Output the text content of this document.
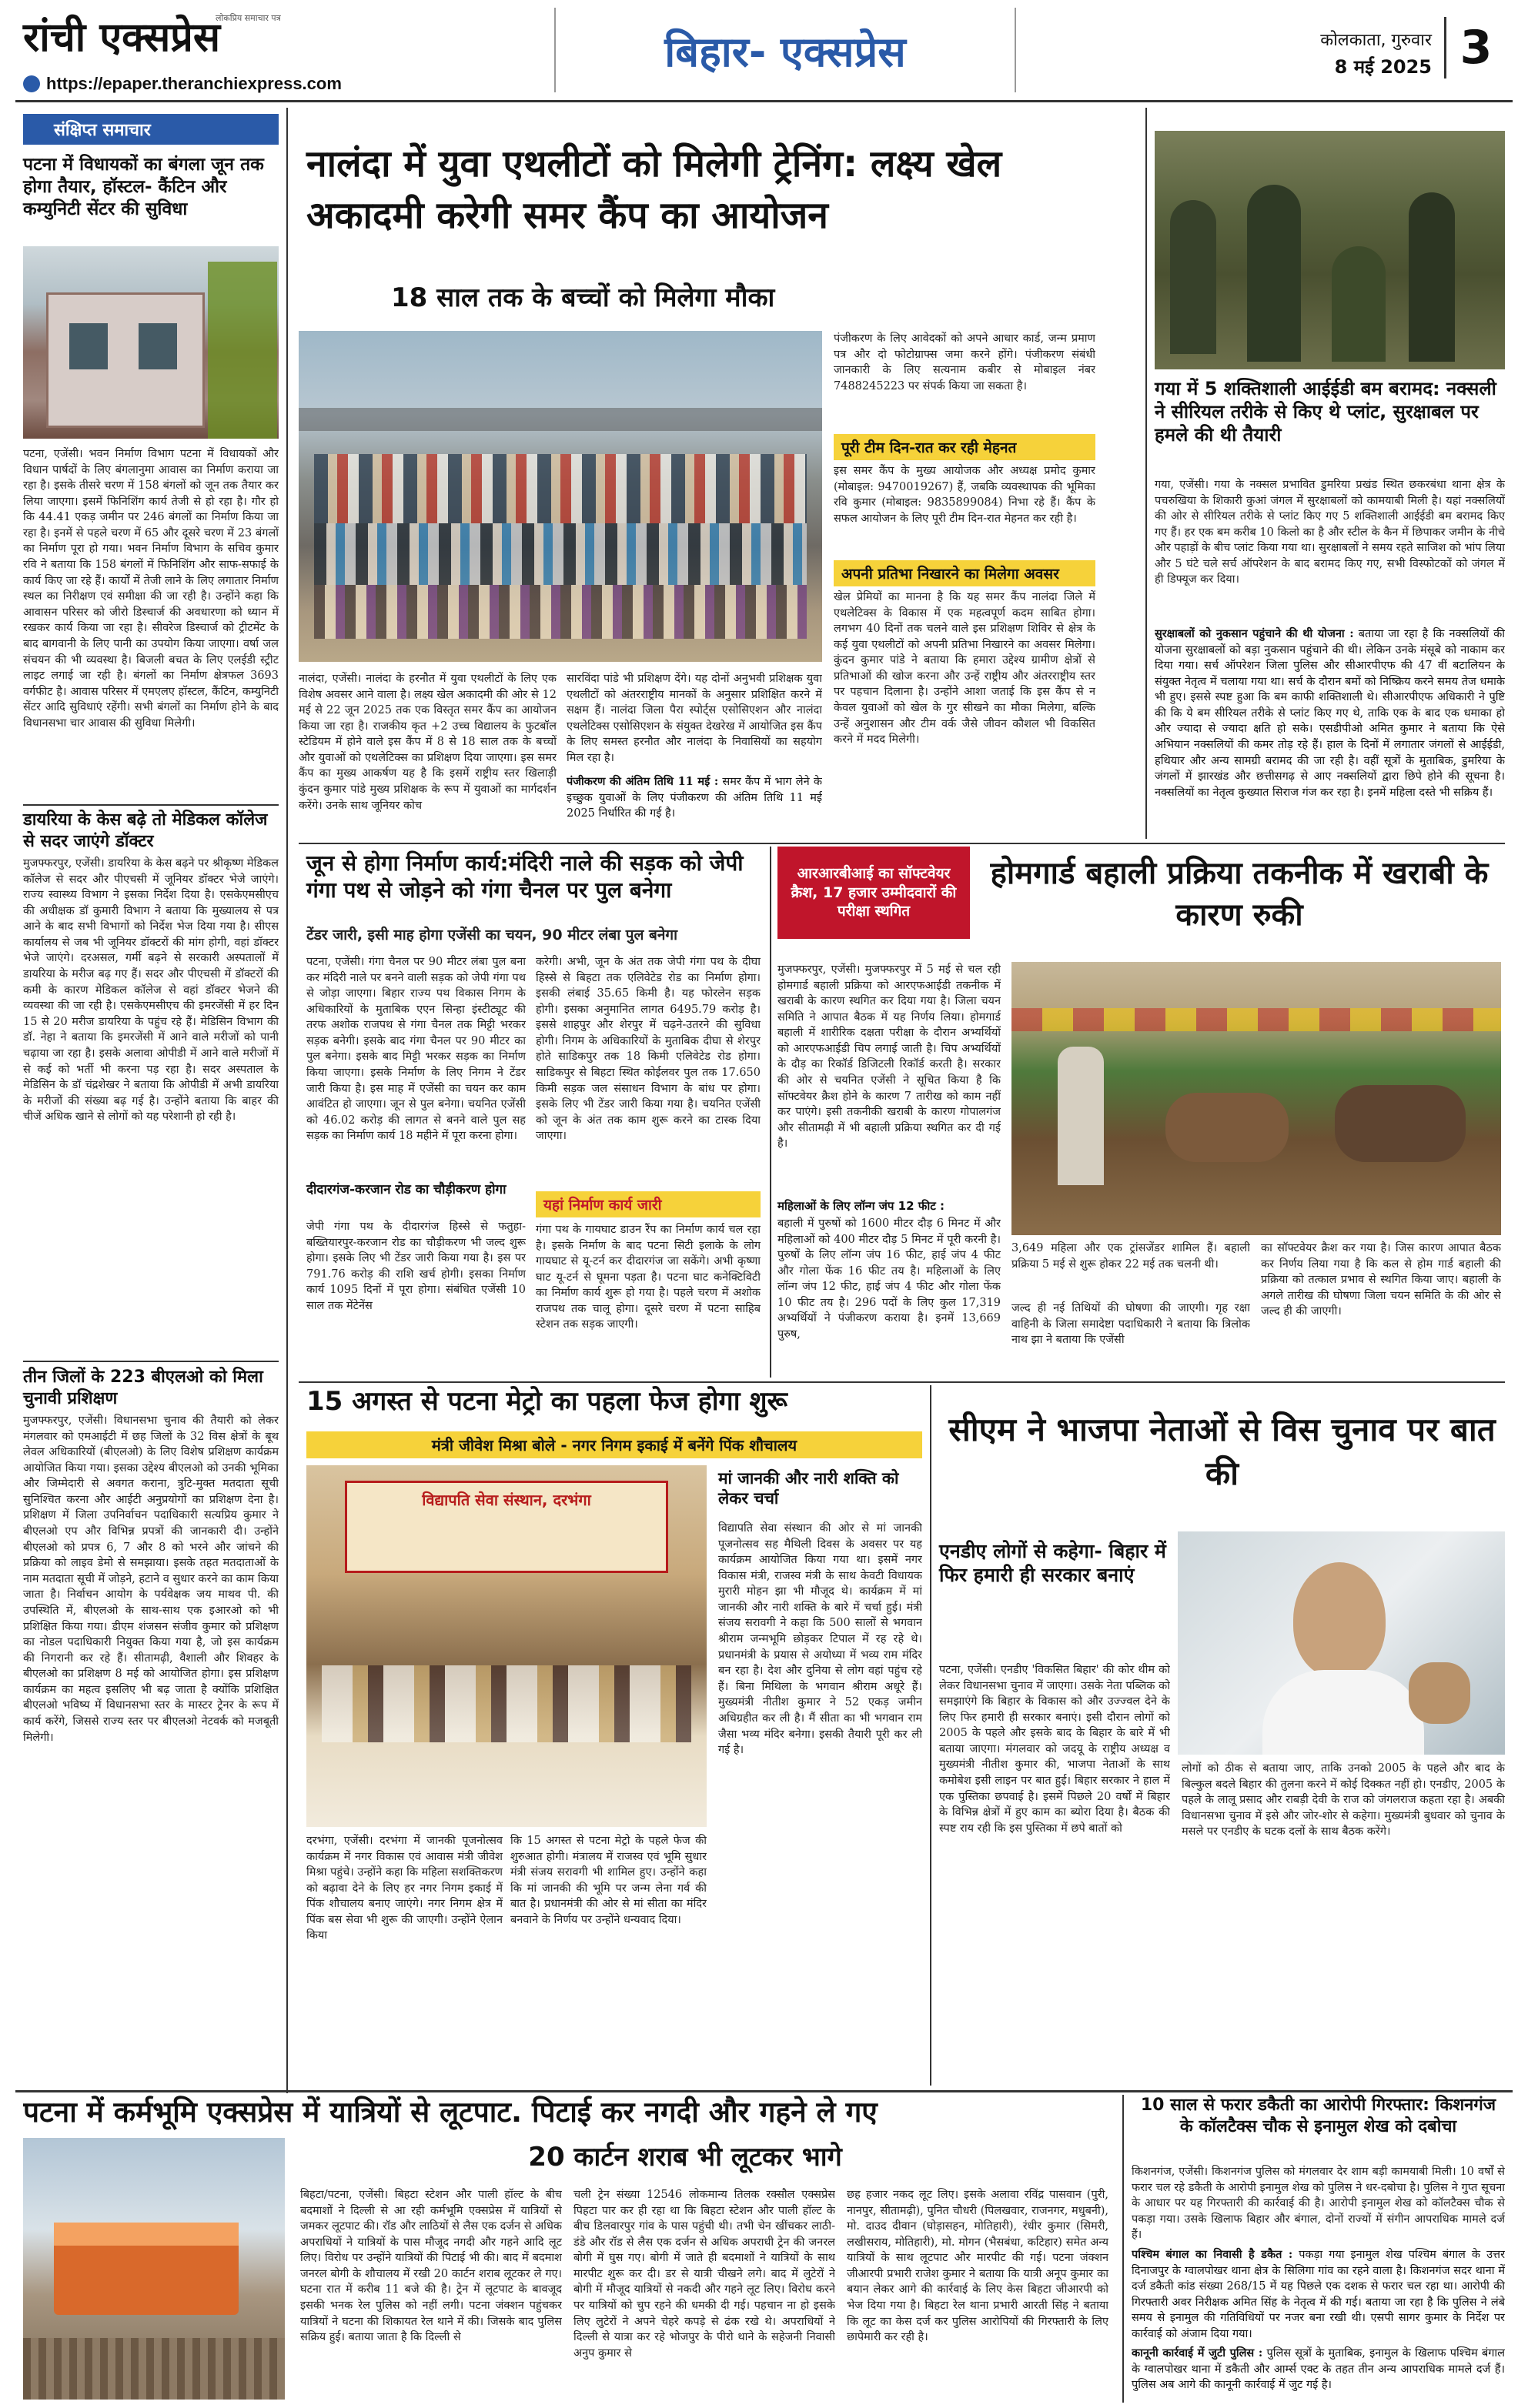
रांची एक्सप्रेस
लोकप्रिय समाचार पत्र
https://epaper.theranchiexpress.com
बिहार- एक्सप्रेस	कोलकाता, गुरुवार
8 मई 2025 3
संक्षिप्त समाचार
पटना में विधायकों का बंगला जून तक होगा तैयार, हॉस्टल- कैंटिन और कम्युनिटी सेंटर की सुविधा
पटना, एजेंसी। भवन निर्माण विभाग पटना में विधायकों और विधान पार्षदों के लिए बंगलानुमा आवास का निर्माण कराया जा रहा है। इसके तीसरे चरण में 158 बंगलों को जून तक तैयार कर लिया जाएगा। इसमें फिनिशिंग कार्य तेजी से हो रहा है। गौर हो कि 44.41 एकड़ जमीन पर 246 बंगलों का निर्माण किया जा रहा है। इनमें से पहले चरण में 65 और दूसरे चरण में 23 बंगलों का निर्माण पूरा हो गया। भवन निर्माण विभाग के सचिव कुमार रवि ने बताया कि 158 बंगलों में फिनिशिंग और साफ-सफाई के कार्य किए जा रहे हैं। कार्यों में तेजी लाने के लिए लगातार निर्माण स्थल का निरीक्षण एवं समीक्षा की जा रही है। उन्होंने कहा कि आवासन परिसर को जीरो डिस्चार्ज की अवधारणा को ध्यान में रखकर कार्य किया जा रहा है। सीवरेज डिस्चार्ज को ट्रीटमेंट के बाद बागवानी के लिए पानी का उपयोग किया जाएगा। वर्षा जल संचयन की भी व्यवस्था है। बिजली बचत के लिए एलईडी स्ट्रीट लाइट लगाई जा रही है। बंगलों का निर्माण क्षेत्रफल 3693 वर्गफीट है। आवास परिसर में एमएलए हॉस्टल, कैंटिन, कम्युनिटी सेंटर आदि सुविधाएं रहेंगी। सभी बंगलों का निर्माण होने के बाद विधानसभा चार आवास की सुविधा मिलेगी।
डायरिया के केस बढ़े तो मेडिकल कॉलेज से सदर जाएंगे डॉक्टर
मुजफ्फरपुर, एजेंसी। डायरिया के केस बढ़ने पर श्रीकृष्ण मेडिकल कॉलेज से सदर और पीएचसी में जूनियर डॉक्टर भेजे जाएंगे। राज्य स्वास्थ्य विभाग ने इसका निर्देश दिया है। एसकेएमसीएच की अधीक्षक डॉ कुमारी विभाग ने बताया कि मुख्यालय से पत्र आने के बाद सभी विभागों को निर्देश भेज दिया गया है। सीएस कार्यालय से जब भी जूनियर डॉक्टरों की मांग होगी, वहां डॉक्टर भेजे जाएंगे। दरअसल, गर्मी बढ़ने से सरकारी अस्पतालों में डायरिया के मरीज बढ़ गए हैं। सदर और पीएचसी में डॉक्टरों की कमी के कारण मेडिकल कॉलेज से वहां डॉक्टर भेजने की व्यवस्था की जा रही है। एसकेएमसीएच की इमरजेंसी में हर दिन 15 से 20 मरीज डायरिया के पहुंच रहे हैं। मेडिसिन विभाग की डॉ. नेहा ने बताया कि इमरजेंसी में आने वाले मरीजों को पानी चढ़ाया जा रहा है। इसके अलावा ओपीडी में आने वाले मरीजों में से कई को भर्ती भी करना पड़ रहा है। सदर अस्पताल के मेडिसिन के डॉ चंद्रशेखर ने बताया कि ओपीडी में अभी डायरिया के मरीजों की संख्या बढ़ गई है। उन्होंने बताया कि बाहर की चीजें अधिक खाने से लोगों को यह परेशानी हो रही है।
तीन जिलों के 223 बीएलओ को मिला चुनावी प्रशिक्षण
मुजफ्फरपुर, एजेंसी। विधानसभा चुनाव की तैयारी को लेकर मंगलवार को एमआईटी में छह जिलों के 32 विस क्षेत्रों के बूथ लेवल अधिकारियों (बीएलओ) के लिए विशेष प्रशिक्षण कार्यक्रम आयोजित किया गया। इसका उद्देश्य बीएलओ को उनकी भूमिका और जिम्मेदारी से अवगत कराना, त्रुटि-मुक्त मतदाता सूची सुनिश्चित करना और आईटी अनुप्रयोगों का प्रशिक्षण देना है। प्रशिक्षण में जिला उपनिर्वाचन पदाधिकारी सत्यप्रिय कुमार ने बीएलओ एप और विभिन्न प्रपत्रों की जानकारी दी। उन्होंने बीएलओ को प्रपत्र 6, 7 और 8 को भरने और जांचने की प्रक्रिया को लाइव डेमो से समझाया। इसके तहत मतदाताओं के नाम मतदाता सूची में जोड़ने, हटाने व सुधार करने का काम किया जाता है। निर्वाचन आयोग के पर्यवेक्षक जय माथव पी. की उपस्थिति में, बीएलओ के साथ-साथ एक इआरओ को भी प्रशिक्षित किया गया। डीएम शंजसन संजीव कुमार को प्रशिक्षण का नोडल पदाधिकारी नियुक्त किया गया है, जो इस कार्यक्रम की निगरानी कर रहे हैं। सीतामढ़ी, वैशाली और शिवहर के बीएलओ का प्रशिक्षण 8 मई को आयोजित होगा। इस प्रशिक्षण कार्यक्रम का महत्व इसलिए भी बढ़ जाता है क्योंकि प्रशिक्षित बीएलओ भविष्य में विधानसभा स्तर के मास्टर ट्रेनर के रूप में कार्य करेंगे, जिससे राज्य स्तर पर बीएलओ नेटवर्क को मजबूती मिलेगी।
नालंदा में युवा एथलीटों को मिलेगी ट्रेनिंग: लक्ष्य खेल अकादमी करेगी समर कैंप का आयोजन
18 साल तक के बच्चों को मिलेगा मौका
नालंदा, एजेंसी। नालंदा के हरनौत में युवा एथलीटों के लिए एक विशेष अवसर आने वाला है। लक्ष्य खेल अकादमी की ओर से 12 मई से 22 जून 2025 तक एक विस्तृत समर कैंप का आयोजन किया जा रहा है। राजकीय कृत +2 उच्च विद्यालय के फुटबॉल स्टेडियम में होने वाले इस कैंप में 8 से 18 साल तक के बच्चों और युवाओं को एथलेटिक्स का प्रशिक्षण दिया जाएगा। इस समर कैंप का मुख्य आकर्षण यह है कि इसमें राष्ट्रीय स्तर खिलाड़ी कुंदन कुमार पांडे मुख्य प्रशिक्षक के रूप में युवाओं का मार्गदर्शन करेंगे। उनके साथ जूनियर कोच
सारविंदा पांडे भी प्रशिक्षण देंगे। यह दोनों अनुभवी प्रशिक्षक युवा एथलीटों को अंतरराष्ट्रीय मानकों के अनुसार प्रशिक्षित करने में सक्षम हैं। नालंदा जिला पैरा स्पोर्ट्स एसोसिएशन और नालंदा एथलेटिक्स एसोसिएशन के संयुक्त देखरेख में आयोजित इस कैंप के लिए समस्त हरनौत और नालंदा के निवासियों का सहयोग मिल रहा है।
पंजीकरण की अंतिम तिथि 11 मई : समर कैंप में भाग लेने के इच्छुक युवाओं के लिए पंजीकरण की अंतिम तिथि 11 मई 2025 निर्धारित की गई है।
पंजीकरण के लिए आवेदकों को अपने आधार कार्ड, जन्म प्रमाण पत्र और दो फोटोग्राफ्स जमा करने होंगे। पंजीकरण संबंधी जानकारी के लिए सत्यनाम कबीर से मोबाइल नंबर 7488245223 पर संपर्क किया जा सकता है।
पूरी टीम दिन-रात कर रही मेहनत
इस समर कैंप के मुख्य आयोजक और अध्यक्ष प्रमोद कुमार (मोबाइल: 9470019267) हैं, जबकि व्यवस्थापक की भूमिका रवि कुमार (मोबाइल: 9835899084) निभा रहे हैं। कैंप के सफल आयोजन के लिए पूरी टीम दिन-रात मेहनत कर रही है।
अपनी प्रतिभा निखारने का मिलेगा अवसर
खेल प्रेमियों का मानना है कि यह समर कैंप नालंदा जिले में एथलेटिक्स के विकास में एक महत्वपूर्ण कदम साबित होगा। लगभग 40 दिनों तक चलने वाले इस प्रशिक्षण शिविर से क्षेत्र के कई युवा एथलीटों को अपनी प्रतिभा निखारने का अवसर मिलेगा। कुंदन कुमार पांडे ने बताया कि हमारा उद्देश्य ग्रामीण क्षेत्रों से प्रतिभाओं की खोज करना और उन्हें राष्ट्रीय और अंतरराष्ट्रीय स्तर पर पहचान दिलाना है। उन्होंने आशा जताई कि इस कैंप से न केवल युवाओं को खेल के गुर सीखने का मौका मिलेगा, बल्कि उन्हें अनुशासन और टीम वर्क जैसे जीवन कौशल भी विकसित करने में मदद मिलेगी।
गया में 5 शक्तिशाली आईईडी बम बरामद: नक्सली ने सीरियल तरीके से किए थे प्लांट, सुरक्षाबल पर हमले की थी तैयारी
गया, एजेंसी। गया के नक्सल प्रभावित डुमरिया प्रखंड स्थित छकरबंधा थाना क्षेत्र के पचरुखिया के शिकारी कुआं जंगल में सुरक्षाबलों को कामयाबी मिली है। यहां नक्सलियों की ओर से सीरियल तरीके से प्लांट किए गए 5 शक्तिशाली आईईडी बम बरामद किए गए हैं। हर एक बम करीब 10 किलो का है और स्टील के कैन में छिपाकर जमीन के नीचे और पहाड़ों के बीच प्लांट किया गया था। सुरक्षाबलों ने समय रहते साजिश को भांप लिया और 5 घंटे चले सर्च ऑपरेशन के बाद बरामद किए गए, सभी विस्फोटकों को जंगल में ही डिफ्यूज कर दिया।
सुरक्षाबलों को नुकसान पहुंचाने की थी योजना : बताया जा रहा है कि नक्सलियों की योजना सुरक्षाबलों को बड़ा नुकसान पहुंचाने की थी। लेकिन उनके मंसूबे को नाकाम कर दिया गया। सर्च ऑपरेशन जिला पुलिस और सीआरपीएफ की 47 वीं बटालियन के संयुक्त नेतृत्व में चलाया गया था। सर्च के दौरान बमों को निष्क्रिय करने समय तेज धमाके भी हुए। इससे स्पष्ट हुआ कि बम काफी शक्तिशाली थे। सीआरपीएफ अधिकारी ने पुष्टि की कि ये बम सीरियल तरीके से प्लांट किए गए थे, ताकि एक के बाद एक धमाका हो और ज्यादा से ज्यादा क्षति हो सके। एसडीपीओ अमित कुमार ने बताया कि ऐसे अभियान नक्सलियों की कमर तोड़ रहे हैं। हाल के दिनों में लगातार जंगलों से आईईडी, हथियार और अन्य सामग्री बरामद की जा रही है। वहीं सूत्रों के मुताबिक, डुमरिया के जंगलों में झारखंड और छत्तीसगढ़ से आए नक्सलियों द्वारा छिपे होने की सूचना है। नक्सलियों का नेतृत्व कुख्यात सिराज गंज कर रहा है। इनमें महिला दस्ते भी सक्रिय हैं।
जून से होगा निर्माण कार्य:मंदिरी नाले की सड़क को जेपी गंगा पथ से जोड़ने को गंगा चैनल पर पुल बनेगा
टेंडर जारी, इसी माह होगा एजेंसी का चयन, 90 मीटर लंबा पुल बनेगा
पटना, एजेंसी। गंगा चैनल पर 90 मीटर लंबा पुल बना कर मंदिरी नाले पर बनने वाली सड़क को जेपी गंगा पथ से जोड़ा जाएगा। बिहार राज्य पथ विकास निगम के अधिकारियों के मुताबिक एएन सिन्हा इंस्टीट्यूट की तरफ अशोक राजपथ से गंगा चैनल तक मिट्टी भरकर सड़क बनेगी। इसके बाद गंगा चैनल पर 90 मीटर का पुल बनेगा। इसके बाद मिट्टी भरकर सड़क का निर्माण किया जाएगा। इसके निर्माण के लिए निगम ने टेंडर जारी किया है। इस माह में एजेंसी का चयन कर काम आवंटित हो जाएगा। जून से पुल बनेगा। चयनित एजेंसी को 46.02 करोड़ की लागत से बनने वाले पुल सह सड़क का निर्माण कार्य 18 महीने में पूरा करना होगा।
दीदारगंज-करजान रोड का चौड़ीकरण होगा
जेपी गंगा पथ के दीदारगंज हिस्से से फतुहा-बख्तियारपुर-करजान रोड का चौड़ीकरण भी जल्द शुरू होगा। इसके लिए भी टेंडर जारी किया गया है। इस पर 791.76 करोड़ की राशि खर्च होगी। इसका निर्माण कार्य 1095 दिनों में पूरा होगा। संबंधित एजेंसी 10 साल तक मेंटेनेंस
करेगी। अभी, जून के अंत तक जेपी गंगा पथ के दीघा हिस्से से बिहटा तक एलिवेटेड रोड का निर्माण होगा। इसकी लंबाई 35.65 किमी है। यह फोरलेन सड़क होगी। इसका अनुमानित लागत 6495.79 करोड़ है। इससे शाहपुर और शेरपुर में चढ़ने-उतरने की सुविधा होगी। निगम के अधिकारियों के मुताबिक दीघा से शेरपुर होते साडिकपुर तक 18 किमी एलिवेटेड रोड होगा। साडिकपुर से बिहटा स्थित कोईलवर पुल तक 17.650 किमी सड़क जल संसाधन विभाग के बांध पर होगा। इसके लिए भी टेंडर जारी किया गया है। चयनित एजेंसी को जून के अंत तक काम शुरू करने का टास्क दिया जाएगा।
यहां निर्माण कार्य जारी
गंगा पथ के गायघाट डाउन रैंप का निर्माण कार्य चल रहा है। इसके निर्माण के बाद पटना सिटी इलाके के लोग गायघाट से यू-टर्न कर दीदारगंज जा सकेंगे। अभी कृष्णा घाट यू-टर्न से घूमना पड़ता है। पटना घाट कनेक्टिविटी का निर्माण कार्य शुरू हो गया है। पहले चरण में अशोक राजपथ तक चालू होगा। दूसरे चरण में पटना साहिब स्टेशन तक सड़क जाएगी।
आरआरबीआई का सॉफ्टवेयर क्रैश, 17 हजार उम्मीदवारों की परीक्षा स्थगित
होमगार्ड बहाली प्रक्रिया तकनीक में खराबी के कारण रुकी
मुजफ्फरपुर, एजेंसी। मुजफ्फरपुर में 5 मई से चल रही होमगार्ड बहाली प्रक्रिया को आरएफआईडी तकनीक में खराबी के कारण स्थगित कर दिया गया है। जिला चयन समिति ने आपात बैठक में यह निर्णय लिया। होमगार्ड बहाली में शारीरिक दक्षता परीक्षा के दौरान अभ्यर्थियों को आरएफआईडी चिप लगाई जाती है। चिप अभ्यर्थियों के दौड़ का रिकॉर्ड डिजिटली रिकॉर्ड करती है। सरकार की ओर से चयनित एजेंसी ने सूचित किया है कि सॉफ्टवेयर क्रैश होने के कारण 7 तारीख को काम नहीं कर पाएंगे। इसी तकनीकी खराबी के कारण गोपालगंज और सीतामढ़ी में भी बहाली प्रक्रिया स्थगित कर दी गई है।
महिलाओं के लिए लॉन्ग जंप 12 फीट :
बहाली में पुरुषों को 1600 मीटर दौड़ 6 मिनट में और महिलाओं को 400 मीटर दौड़ 5 मिनट में पूरी करनी है। पुरुषों के लिए लॉन्ग जंप 16 फीट, हाई जंप 4 फीट और गोला फेंक 16 फीट तय है। महिलाओं के लिए लॉन्ग जंप 12 फीट, हाई जंप 4 फीट और गोला फेंक 10 फीट तय है। 296 पदों के लिए कुल 17,319 अभ्यर्थियों ने पंजीकरण कराया है। इनमें 13,669 पुरुष,
3,649 महिला और एक ट्रांसजेंडर शामिल हैं। बहाली प्रक्रिया 5 मई से शुरू होकर 22 मई तक चलनी थी।
जल्द ही नई तिथियों की घोषणा की जाएगी। गृह रक्षा वाहिनी के जिला समादेष्टा पदाधिकारी ने बताया कि त्रिलोक नाथ झा ने बताया कि एजेंसी
का सॉफ्टवेयर क्रैश कर गया है। जिस कारण आपात बैठक कर निर्णय लिया गया है कि कल से होम गार्ड बहाली की प्रक्रिया को तत्काल प्रभाव से स्थगित किया जाए। बहाली के अगले तारीख की घोषणा जिला चयन समिति के की ओर से जल्द ही की जाएगी।
15 अगस्त से पटना मेट्रो का पहला फेज होगा शुरू
मंत्री जीवेश मिश्रा बोले - नगर निगम इकाई में बनेंगे पिंक शौचालय
विद्यापति सेवा संस्थान, दरभंगा
मां जानकी और नारी शक्ति को लेकर चर्चा
विद्यापति सेवा संस्थान की ओर से मां जानकी पूजनोत्सव सह मैथिली दिवस के अवसर पर यह कार्यक्रम आयोजित किया गया था। इसमें नगर विकास मंत्री, राजस्व मंत्री के साथ केवटी विधायक मुरारी मोहन झा भी मौजूद थे। कार्यक्रम में मां जानकी और नारी शक्ति के बारे में चर्चा हुई। मंत्री संजय सरावगी ने कहा कि 500 सालों से भगवान श्रीराम जन्मभूमि छोड़कर टिपाल में रह रहे थे। प्रधानमंत्री के प्रयास से अयोध्या में भव्य राम मंदिर बन रहा है। देश और दुनिया से लोग वहां पहुंच रहे हैं। बिना मिथिला के भगवान श्रीराम अधूरे हैं। मुख्यमंत्री नीतीश कुमार ने 52 एकड़ जमीन अधिग्रहीत कर ली है। मैं सीता का भी भगवान राम जैसा भव्य मंदिर बनेगा। इसकी तैयारी पूरी कर ली गई है।
दरभंगा, एजेंसी। दरभंगा में जानकी पूजनोत्सव कार्यक्रम में नगर विकास एवं आवास मंत्री जीवेश मिश्रा पहुंचे। उन्होंने कहा कि महिला सशक्तिकरण को बढ़ावा देने के लिए हर नगर निगम इकाई में पिंक शौचालय बनाए जाएंगे। नगर निगम क्षेत्र में पिंक बस सेवा भी शुरू की जाएगी। उन्होंने ऐलान किया
कि 15 अगस्त से पटना मेट्रो के पहले फेज की शुरुआत होगी। मंत्रालय में राजस्व एवं भूमि सुधार मंत्री संजय सरावगी भी शामिल हुए। उन्होंने कहा कि मां जानकी की भूमि पर जन्म लेना गर्व की बात है। प्रधानमंत्री की ओर से मां सीता का मंदिर बनवाने के निर्णय पर उन्होंने धन्यवाद दिया।
सीएम ने भाजपा नेताओं से विस चुनाव पर बात की
एनडीए लोगों से कहेगा- बिहार में फिर हमारी ही सरकार बनाएं
पटना, एजेंसी। एनडीए 'विकसित बिहार' की कोर थीम को लेकर विधानसभा चुनाव में जाएगा। उसके नेता पब्लिक को समझाएंगे कि बिहार के विकास को और उज्ज्वल देने के लिए फिर हमारी ही सरकार बनाएं। इसी दौरान लोगों को 2005 के पहले और इसके बाद के बिहार के बारे में भी बताया जाएगा। मंगलवार को जदयू के राष्ट्रीय अध्यक्ष व मुख्यमंत्री नीतीश कुमार की, भाजपा नेताओं के साथ कमोबेश इसी लाइन पर बात हुई। बिहार सरकार ने हाल में एक पुस्तिका छपवाई है। इसमें पिछले 20 वर्षों में बिहार के विभिन्न क्षेत्रों में हुए काम का ब्योरा दिया है। बैठक की स्पष्ट राय रही कि इस पुस्तिका में छपे बातों को
लोगों को ठीक से बताया जाए, ताकि उनको 2005 के पहले और बाद के बिल्कुल बदले बिहार की तुलना करने में कोई दिक्कत नहीं हो। एनडीए, 2005 के पहले के लालू प्रसाद और राबड़ी देवी के राज को जंगलराज कहता रहा है। अबकी विधानसभा चुनाव में इसे और जोर-शोर से कहेगा। मुख्यमंत्री बुधवार को चुनाव के मसले पर एनडीए के घटक दलों के साथ बैठक करेंगे।
पटना में कर्मभूमि एक्सप्रेस में यात्रियों से लूटपाट. पिटाई कर नगदी और गहने ले गए
20 कार्टन शराब भी लूटकर भागे
बिहटा/पटना, एजेंसी। बिहटा स्टेशन और पाली हॉल्ट के बीच बदमाशों ने दिल्ली से आ रही कर्मभूमि एक्सप्रेस में यात्रियों से जमकर लूटपाट की। रॉड और लाठियों से लैस एक दर्जन से अधिक अपराधियों ने यात्रियों के पास मौजूद नगदी और गहने आदि लूट लिए। विरोध पर उन्होंने यात्रियों की पिटाई भी की। बाद में बदमाश जनरल बोगी के शौचालय में रखी 20 कार्टन शराब लूटकर ले गए। घटना रात में करीब 11 बजे की है। ट्रेन में लूटपाट के बावजूद इसकी भनक रेल पुलिस को नहीं लगी। पटना जंक्शन पहुंचकर यात्रियों ने घटना की शिकायत रेल थाने में की। जिसके बाद पुलिस सक्रिय हुई। बताया जाता है कि दिल्ली से
चली ट्रेन संख्या 12546 लोकमान्य तिलक रक्सौल एक्सप्रेस पिहटा पार कर ही रहा था कि बिहटा स्टेशन और पाली हॉल्ट के बीच डिलवारपुर गांव के पास पहुंची थी। तभी चेन खींचकर लाठी-डंडे और रॉड से लैस एक दर्जन से अधिक अपराधी ट्रेन की जनरल बोगी में घुस गए। बोगी में जाते ही बदमाशों ने यात्रियों के साथ मारपीट शुरू कर दी। डर से यात्री चीखने लगे। बाद में लुटेरों ने बोगी में मौजूद यात्रियों से नकदी और गहने लूट लिए। विरोध करने पर यात्रियों को चुप रहने की धमकी दी गई। पहचान ना हो इसके लिए लुटेरों ने अपने चेहरे कपड़े से ढंक रखे थे। अपराधियों ने दिल्ली से यात्रा कर रहे भोजपुर के पीरो थाने के सहेजनी निवासी अनुप कुमार से
छह हजार नकद लूट लिए। इसके अलावा रविंद्र पासवान (पुरी, नानपुर, सीतामढ़ी), पुनित चौधरी (पिलखवार, राजनगर, मधुबनी), मो. दाउद दीवान (घोड़ासहन, मोतिहारी), रंधीर कुमार (सिमरी, लखीसराय, मोतिहारी), मो. मोगन (भैसबंधा, कटिहार) समेत अन्य यात्रियों के साथ लूटपाट और मारपीट की गई। पटना जंक्शन जीआरपी प्रभारी राजेश कुमार ने बताया कि यात्री अनूप कुमार का बयान लेकर आगे की कार्रवाई के लिए केस बिहटा जीआरपी को भेज दिया गया है। बिहटा रेल थाना प्रभारी आरती सिंह ने बताया कि लूट का केस दर्ज कर पुलिस आरोपियों की गिरफ्तारी के लिए छापेमारी कर रही है।
10 साल से फरार डकैती का आरोपी गिरफ्तार: किशनगंज के कॉलटैक्स चौक से इनामुल शेख को दबोचा
किशनगंज, एजेंसी। किशनगंज पुलिस को मंगलवार देर शाम बड़ी कामयाबी मिली। 10 वर्षों से फरार चल रहे डकैती के आरोपी इनामुल शेख को पुलिस ने धर-दबोचा है। पुलिस ने गुप्त सूचना के आधार पर यह गिरफ्तारी की कार्रवाई की है। आरोपी इनामुल शेख को कॉलटैक्स चौक से पकड़ा गया। उसके खिलाफ बिहार और बंगाल, दोनों राज्यों में संगीन आपराधिक मामले दर्ज हैं।
पश्चिम बंगाल का निवासी है डकैत : पकड़ा गया इनामुल शेख पश्चिम बंगाल के उत्तर दिनाजपुर के ग्वालपोखर थाना क्षेत्र के सिलिगा गांव का रहने वाला है। किशनगंज सदर थाना में दर्ज डकैती कांड संख्या 268/15 में यह पिछले एक दशक से फरार चल रहा था। आरोपी की गिरफ्तारी अवर निरीक्षक अमित सिंह के नेतृत्व में की गई। बताया जा रहा है कि पुलिस ने लंबे समय से इनामुल की गतिविधियों पर नजर बना रखी थी। एसपी सागर कुमार के निर्देश पर कार्रवाई को अंजाम दिया गया।
कानूनी कार्रवाई में जुटी पुलिस : पुलिस सूत्रों के मुताबिक, इनामुल के खिलाफ पश्चिम बंगाल के ग्वालपोखर थाना में डकैती और आर्म्स एक्ट के तहत तीन अन्य आपराधिक मामले दर्ज हैं। पुलिस अब आगे की कानूनी कार्रवाई में जुट गई है।
